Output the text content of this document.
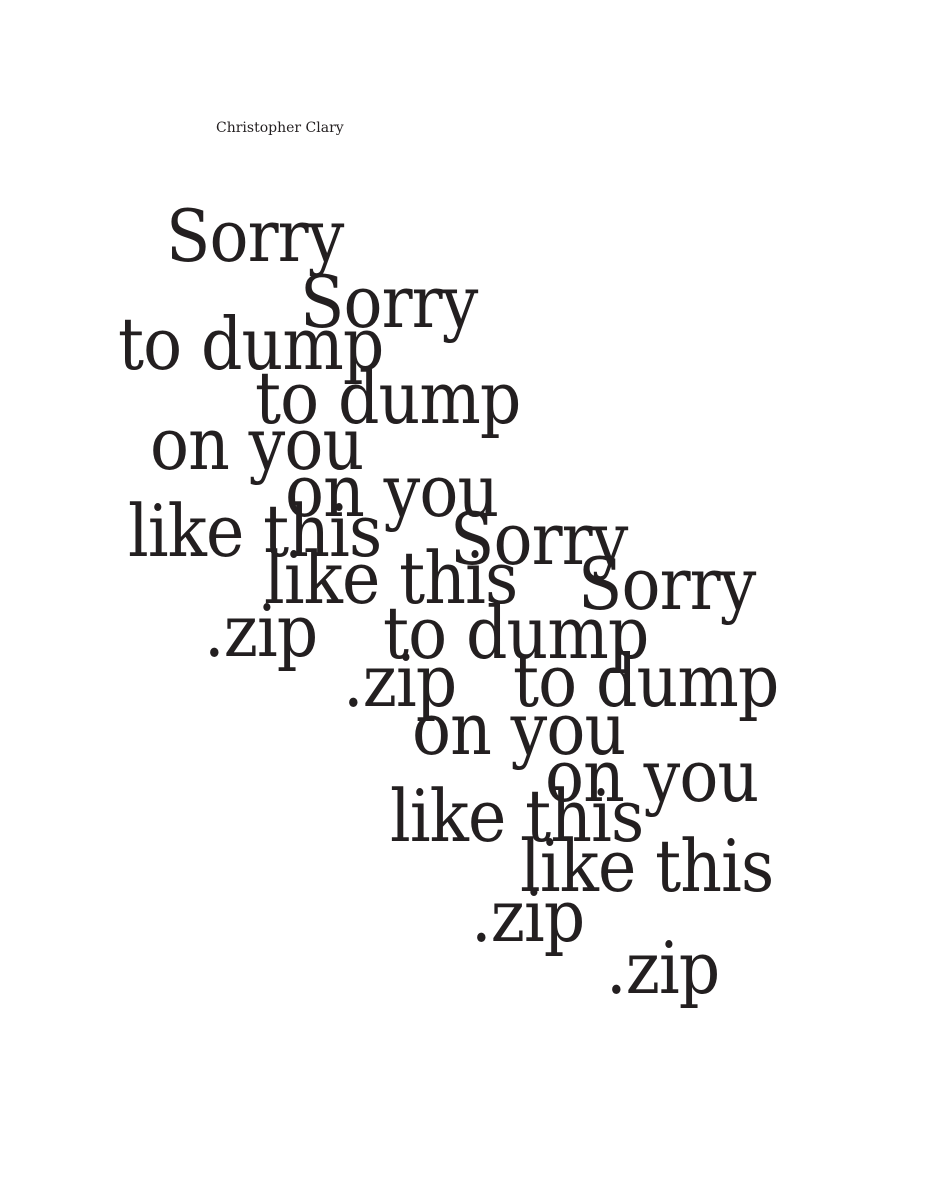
Christopher Clary
Sorry
to dump
on you
like this
.zip
Sorry
to dump
on you
like this
.zip
Sorry
to dump
on you
like this
.zip
Sorry
to dump
on you
like this
.zip
